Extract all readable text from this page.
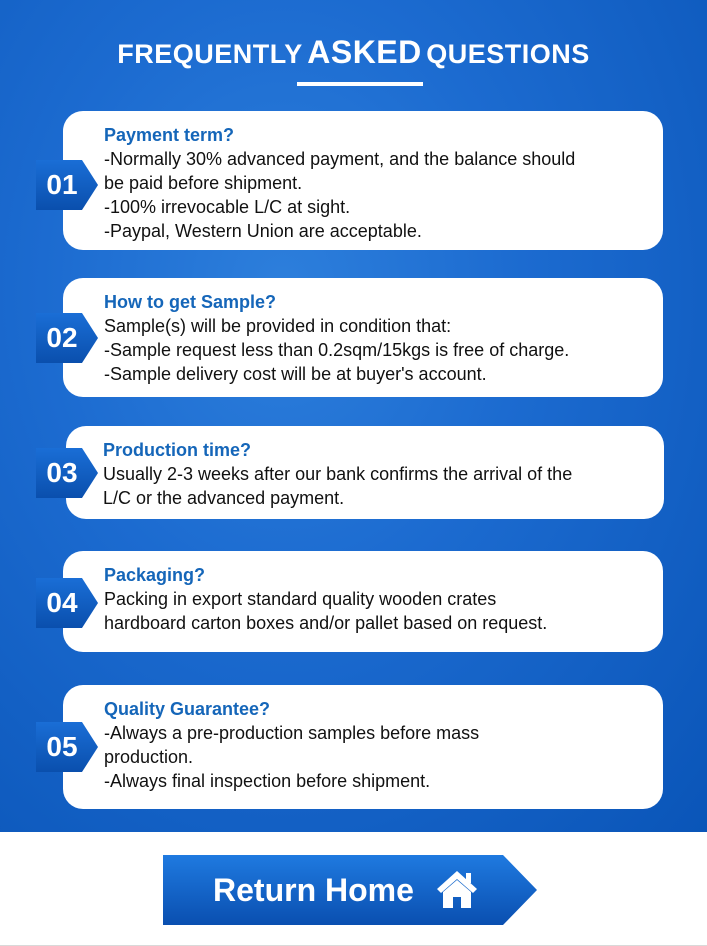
FREQUENTLY ASKED QUESTIONS
Payment term?
-Normally 30% advanced payment, and the balance should
be paid before shipment.
-100% irrevocable L/C at sight.
-Paypal, Western Union are acceptable.
01
How to get Sample?
Sample(s) will be provided in condition that:
-Sample request less than 0.2sqm/15kgs is free of charge.
-Sample delivery cost will be at buyer's account.
02
Production time?
Usually 2-3 weeks after our bank confirms the arrival of the
L/C or the advanced payment.
03
Packaging?
Packing in export standard quality wooden crates
hardboard carton boxes and/or pallet based on request.
04
Quality Guarantee?
-Always a pre-production samples before mass
production.
-Always final inspection before shipment.
05
Return Home
